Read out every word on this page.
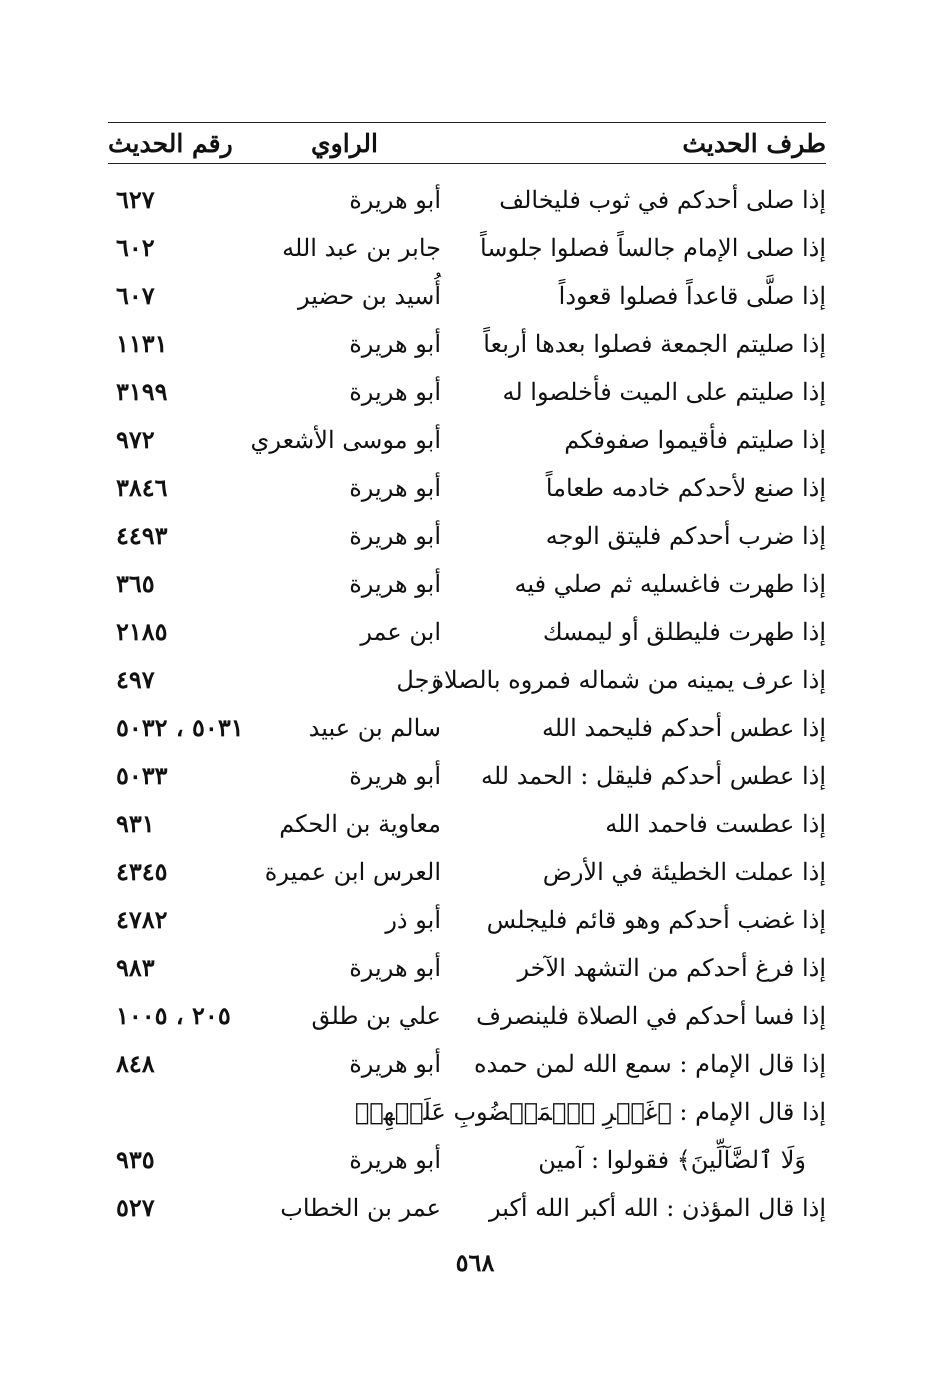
طرف الحديث
الراوي
رقم الحديث
إذا صلى أحدكم في ثوب فليخالف
أبو هريرة
٦٢٧
إذا صلى الإمام جالساً فصلوا جلوساً
جابر بن عبد الله
٦٠٢
إذا صلَّى قاعداً فصلوا قعوداً
أُسيد بن حضير
٦٠٧
إذا صليتم الجمعة فصلوا بعدها أربعاً
أبو هريرة
١١٣١
إذا صليتم على الميت فأخلصوا له
أبو هريرة
٣١٩٩
إذا صليتم فأقيموا صفوفكم
أبو موسى الأشعري
٩٧٢
إذا صنع لأحدكم خادمه طعاماً
أبو هريرة
٣٨٤٦
إذا ضرب أحدكم فليتق الوجه
أبو هريرة
٤٤٩٣
إذا طهرت فاغسليه ثم صلي فيه
أبو هريرة
٣٦٥
إذا طهرت فليطلق أو ليمسك
ابن عمر
٢١٨٥
إذا عرف يمينه من شماله فمروه بالصلاة
رجل
٤٩٧
إذا عطس أحدكم فليحمد الله
سالم بن عبيد
٥٠٣١ ، ٥٠٣٢
إذا عطس أحدكم فليقل : الحمد لله
أبو هريرة
٥٠٣٣
إذا عطست فاحمد الله
معاوية بن الحكم
٩٣١
إذا عملت الخطيئة في الأرض
العرس ابن عميرة
٤٣٤٥
إذا غضب أحدكم وهو قائم فليجلس
أبو ذر
٤٧٨٢
إذا فرغ أحدكم من التشهد الآخر
أبو هريرة
٩٨٣
إذا فسا أحدكم في الصلاة فلينصرف
علي بن طلق
٢٠٥ ، ١٠٠٥
إذا قال الإمام : سمع الله لمن حمده
أبو هريرة
٨٤٨
إذا قال الإمام : ﴿غَيۡرِ ٱلۡمَغۡضُوبِ عَلَيۡهِمۡ
وَلَا ٱلضَّآلِّينَ﴾ فقولوا : آمين
أبو هريرة
٩٣٥
إذا قال المؤذن : الله أكبر الله أكبر
عمر بن الخطاب
٥٢٧
٥٦٨
